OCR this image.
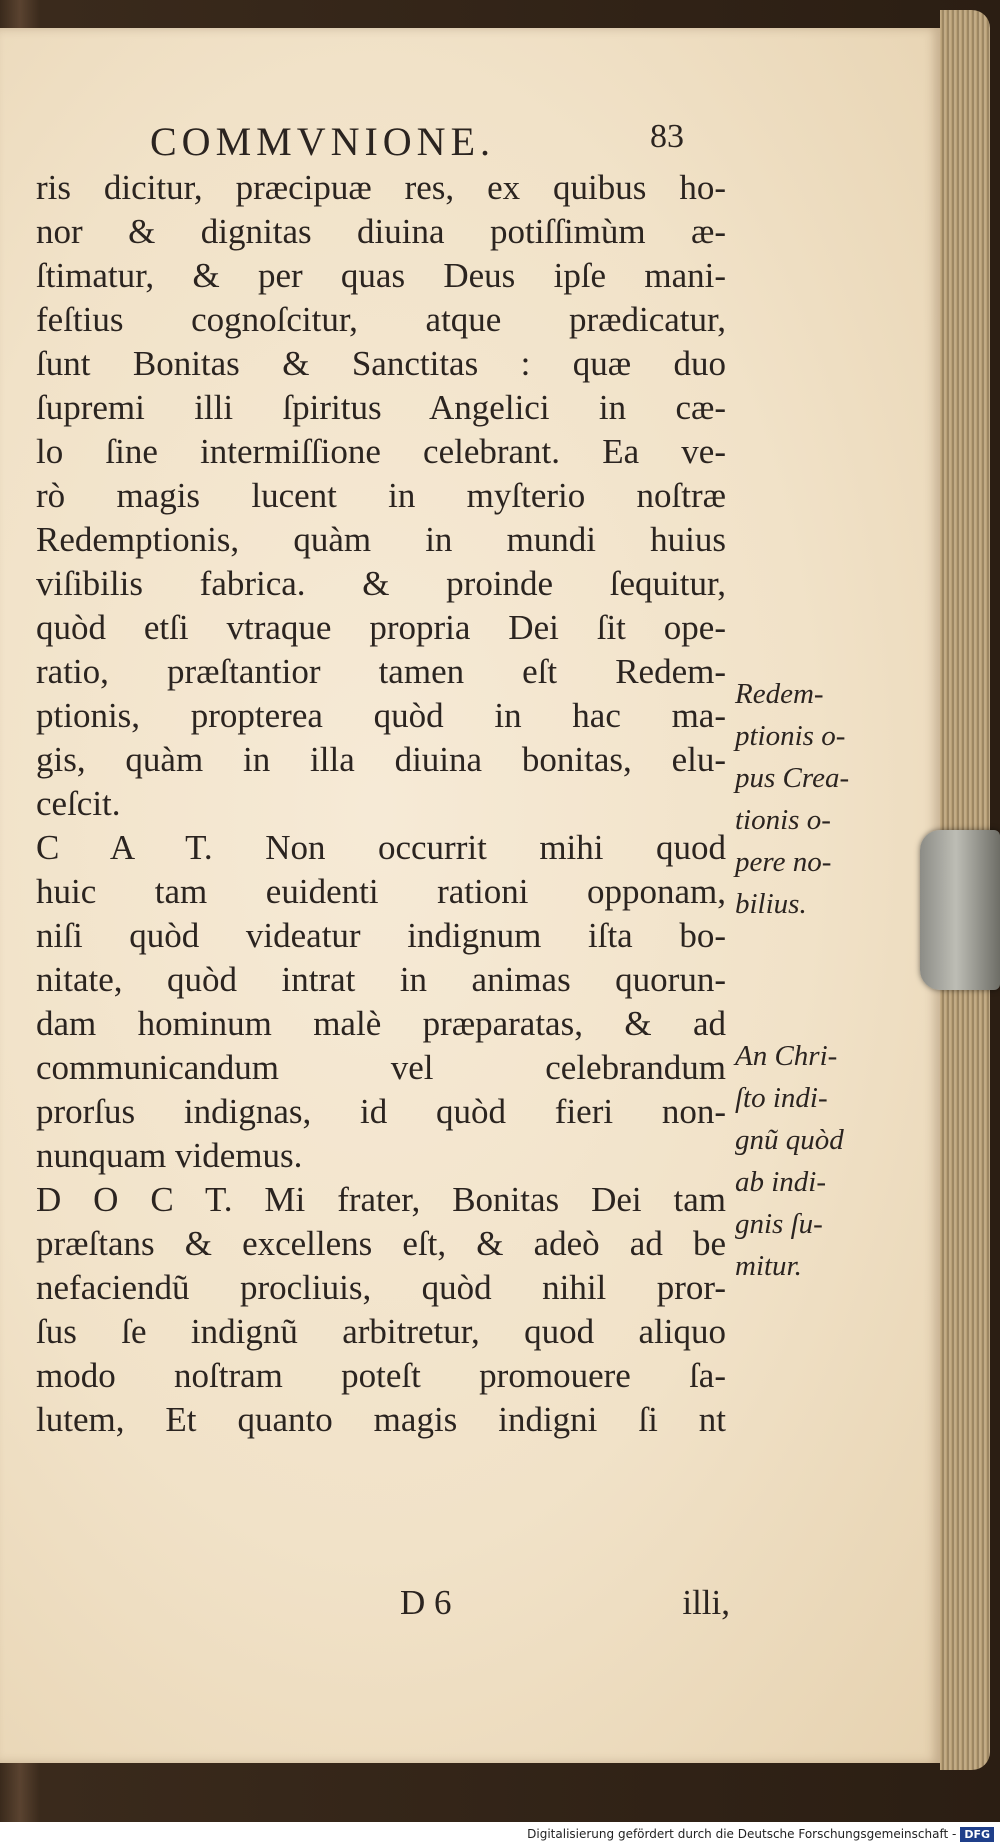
COMMVNIONE.	83
ris dicitur, præcipuæ res, ex quibus ho-
nor & dignitas diuina potiſſimùm æ-
ſtimatur, & per quas Deus ipſe mani-
feſtius cognoſcitur, atque prædicatur,
ſunt Bonitas & Sanctitas : quæ duo
ſupremi illi ſpiritus Angelici in cæ-
lo ſine intermiſſione celebrant. Ea ve-
rò magis lucent in myſterio noſtræ
Redemptionis, quàm in mundi huius
viſibilis fabrica. & proinde ſequitur,
quòd etſi vtraque propria Dei ſit ope-
ratio, præſtantior tamen eſt Redem-
ptionis, propterea quòd in hac ma-
gis, quàm in illa diuina bonitas, elu-
ceſcit.
C A T. Non occurrit mihi quod
huic tam euidenti rationi opponam,
niſi quòd videatur indignum iſta bo-
nitate, quòd intrat in animas quorun-
dam hominum malè præparatas, & ad
communicandum vel celebrandum
prorſus indignas, id quòd fieri non-
nunquam videmus.
D O C T. Mi frater, Bonitas Dei tam
præſtans & excellens eſt, & adeò ad be
nefaciendũ procliuis, quòd nihil pror-
ſus ſe indignũ arbitretur, quod aliquo
modo noſtram poteſt promouere ſa-
lutem, Et quanto magis indigni ſi nt
Redem-
ptionis o-
pus Crea-
tionis o-
pere no-
bilius.
An Chri-
ſto indi-
gnũ quòd
ab indi-
gnis ſu-
mitur.
D 6	illi,
Digitalisierung gefördert durch die Deutsche Forschungsgemeinschaft - DFG
